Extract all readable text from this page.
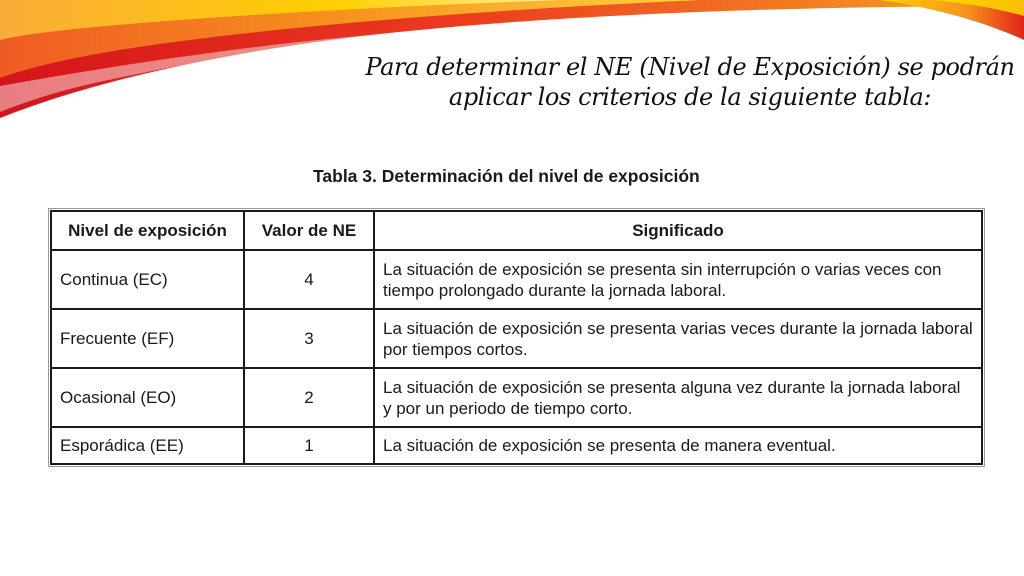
Para determinar el NE (Nivel de Exposición) se podrán
aplicar los criterios de la siguiente tabla:
Tabla 3. Determinación del nivel de exposición
Nivel de exposición	Valor de NE	Significado
Continua (EC)	4	La situación de exposición se presenta sin interrupción o varias veces con tiempo prolongado durante la jornada laboral.
Frecuente (EF)	3	La situación de exposición se presenta varias veces durante la jornada laboral por tiempos cortos.
Ocasional (EO)	2	La situación de exposición se presenta alguna vez durante la jornada laboral y por un periodo de tiempo corto.
Esporádica (EE)	1	La situación de exposición se presenta de manera eventual.
